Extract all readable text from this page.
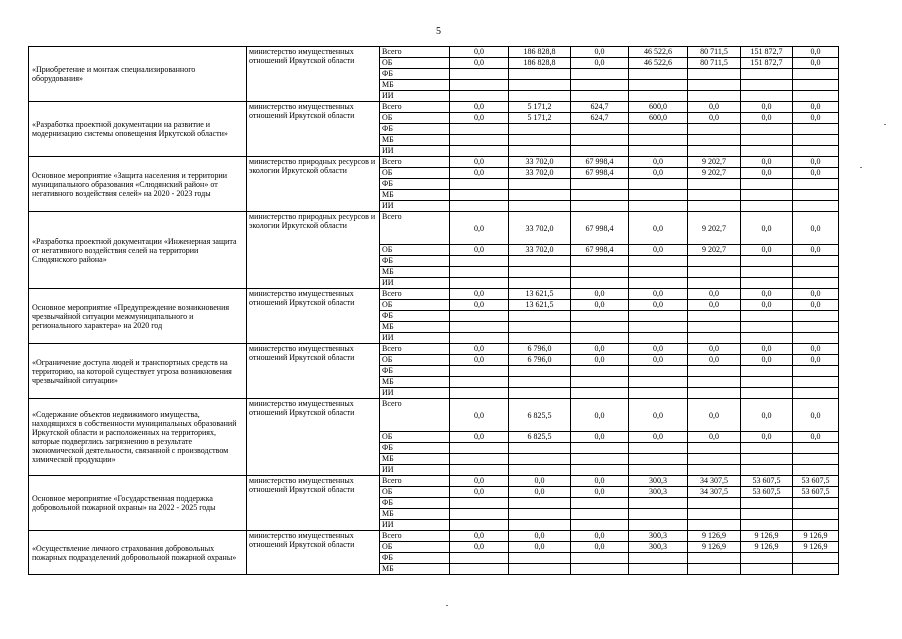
5
«Приобретение и монтаж специализированного оборудования»	министерство имущественных отношений Иркутской области	Всего	0,0	186 828,8	0,0	46 522,6	80 711,5	151 872,7	0,0
		ОБ	0,0	186 828,8	0,0	46 522,6	80 711,5	151 872,7	0,0
		ФБ							
		МБ							
		ИИ							
«Разработка проектной документации на развитие и модернизацию системы оповещения Иркутской области»	министерство имущественных отношений Иркутской области	Всего	0,0	5 171,2	624,7	600,0	0,0	0,0	0,0
		ОБ	0,0	5 171,2	624,7	600,0	0,0	0,0	0,0
		ФБ							
		МБ							
		ИИ							
Основное мероприятие «Защита населения и территории муниципального образования «Слюдянский район» от негативного воздействия селей» на 2020 - 2023 годы	министерство природных ресурсов и экологии Иркутской области	Всего	0,0	33 702,0	67 998,4	0,0	9 202,7	0,0	0,0
		ОБ	0,0	33 702,0	67 998,4	0,0	9 202,7	0,0	0,0
		ФБ							
		МБ							
		ИИ							
«Разработка проектной документации «Инженерная защита от негативного воздействия селей на территории Слюдянского района»	министерство природных ресурсов и экологии Иркутской области	Всего	0,0	33 702,0	67 998,4	0,0	9 202,7	0,0	0,0
		ОБ	0,0	33 702,0	67 998,4	0,0	9 202,7	0,0	0,0
		ФБ							
		МБ							
		ИИ							
Основное мероприятие «Предупреждение возникновения чрезвычайной ситуации межмуниципального и регионального характера» на 2020 год	министерство имущественных отношений Иркутской области	Всего	0,0	13 621,5	0,0	0,0	0,0	0,0	0,0
		ОБ	0,0	13 621,5	0,0	0,0	0,0	0,0	0,0
		ФБ							
		МБ							
		ИИ							
«Ограничение доступа людей и транспортных средств на территорию, на которой существует угроза возникновения чрезвычайной ситуации»	министерство имущественных отношений Иркутской области	Всего	0,0	6 796,0	0,0	0,0	0,0	0,0	0,0
		ОБ	0,0	6 796,0	0,0	0,0	0,0	0,0	0,0
		ФБ							
		МБ							
		ИИ							
«Содержание объектов недвижимого имущества, находящихся в собственности муниципальных образований Иркутской области и расположенных на территориях, которые подверглись загрязнению в результате экономической деятельности, связанной с производством химической продукции»	министерство имущественных отношений Иркутской области	Всего	0,0	6 825,5	0,0	0,0	0,0	0,0	0,0
		ОБ	0,0	6 825,5	0,0	0,0	0,0	0,0	0,0
		ФБ							
		МБ							
		ИИ							
Основное мероприятие «Государственная поддержка добровольной пожарной охраны» на 2022 - 2025 годы	министерство имущественных отношений Иркутской области	Всего	0,0	0,0	0,0	300,3	34 307,5	53 607,5	53 607,5
		ОБ	0,0	0,0	0,0	300,3	34 307,5	53 607,5	53 607,5
		ФБ							
		МБ							
		ИИ							
«Осуществление личного страхования добровольных пожарных подразделений добровольной пожарной охраны»	министерство имущественных отношений Иркутской области	Всего	0,0	0,0	0,0	300,3	9 126,9	9 126,9	9 126,9
		ОБ	0,0	0,0	0,0	300,3	9 126,9	9 126,9	9 126,9
		ФБ							
		МБ							
